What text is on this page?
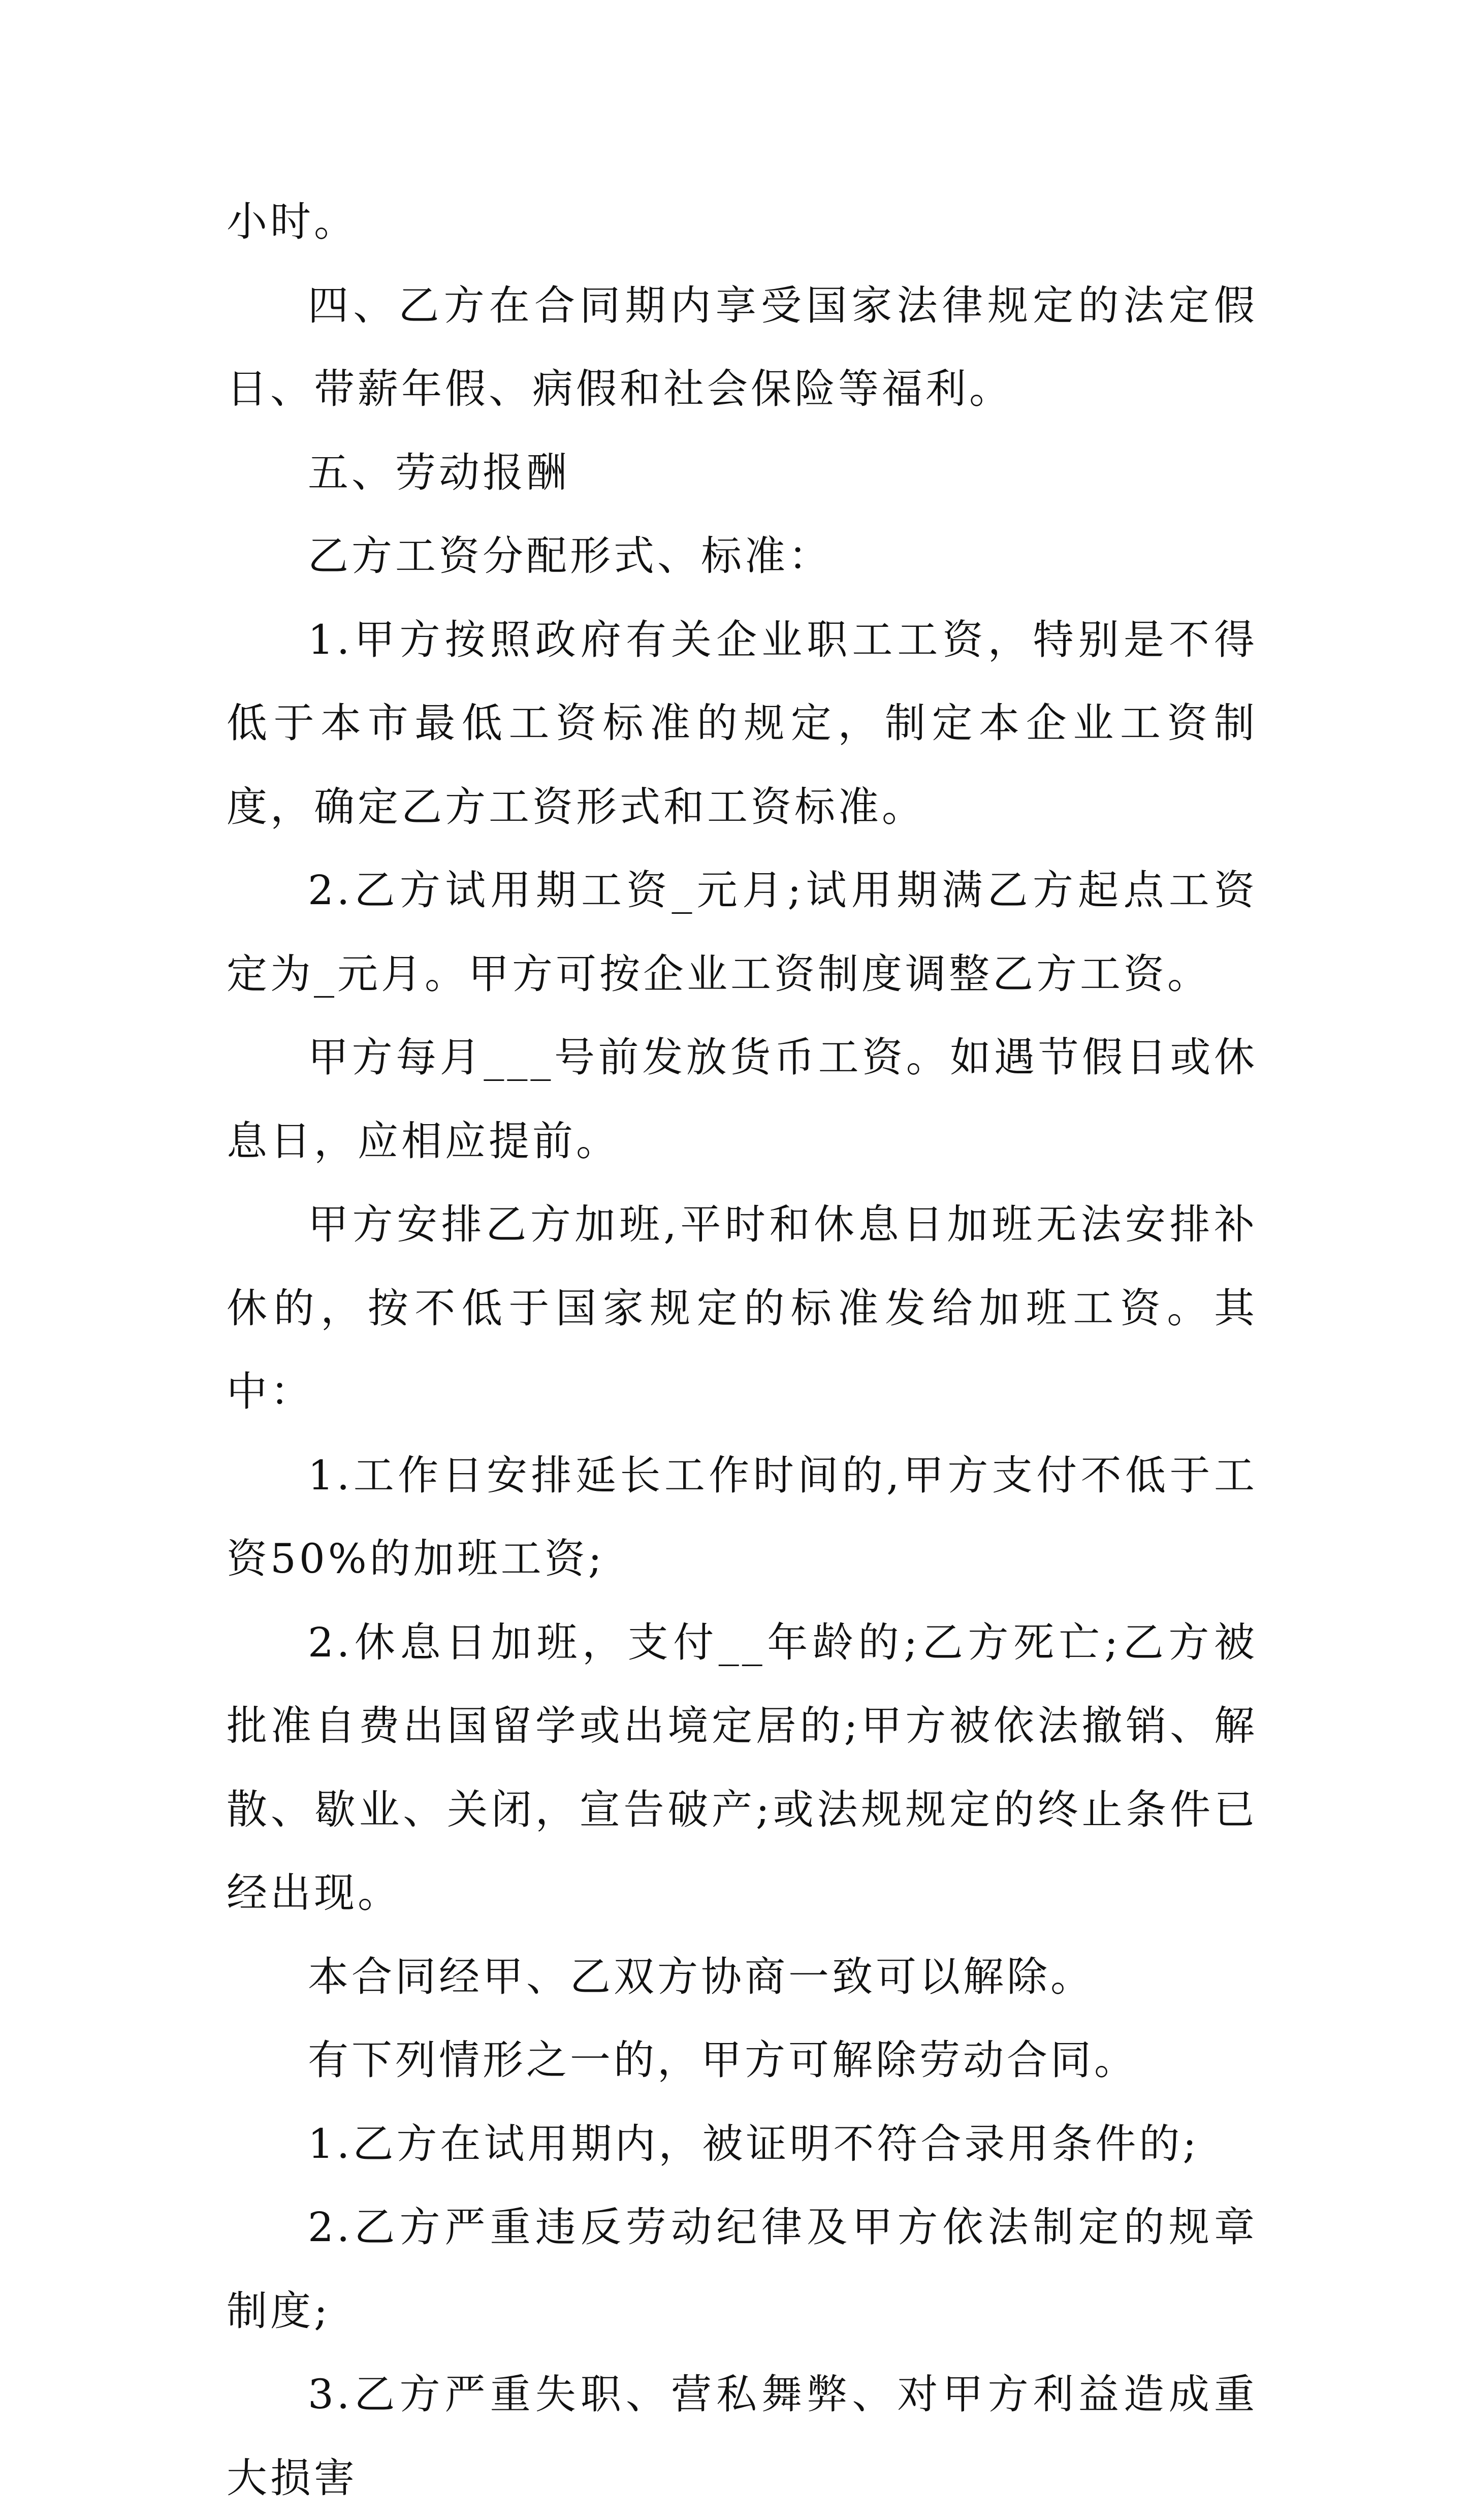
小时。

四、乙方在合同期内享受国家法律规定的法定假日、带薪年假、病假和社会保险等福利。

五、劳动报酬

乙方工资分配形式、标准：

1.甲方按照政府有关企业职工工资，特别是不得低于本市最低工资标准的规定，制定本企业工资制度，确定乙方工资形式和工资标准。

2.乙方试用期工资_元月;试用期满乙方起点工资定为_元月。甲方可按企业工资制度调整乙方工资。

甲方每月___号前发放货币工资。如遇节假日或休息日，应相应提前。

甲方安排乙方加班,平时和休息日加班无法安排补休的，按不低于国家规定的标准发给加班工资。其中：

1.工作日安排延长工作时间的,甲方支付不低于工资50%的加班工资;

2.休息日加班，支付__年龄的;乙方死亡;乙方被批准自费出国留学或出境定居的;甲方被依法撤销、解散、歇业、关闭，宣告破产;或法规规定的终止条件已经出现。

本合同经甲、乙双方协商一致可以解除。

有下列情形之一的，甲方可解除劳动合同。

1.乙方在试用期内，被证明不符合录用条件的;

2.乙方严重违反劳动纪律及甲方依法制定的规章制度;

3.乙方严重失职、营私舞弊、对甲方利益造成重大损害
